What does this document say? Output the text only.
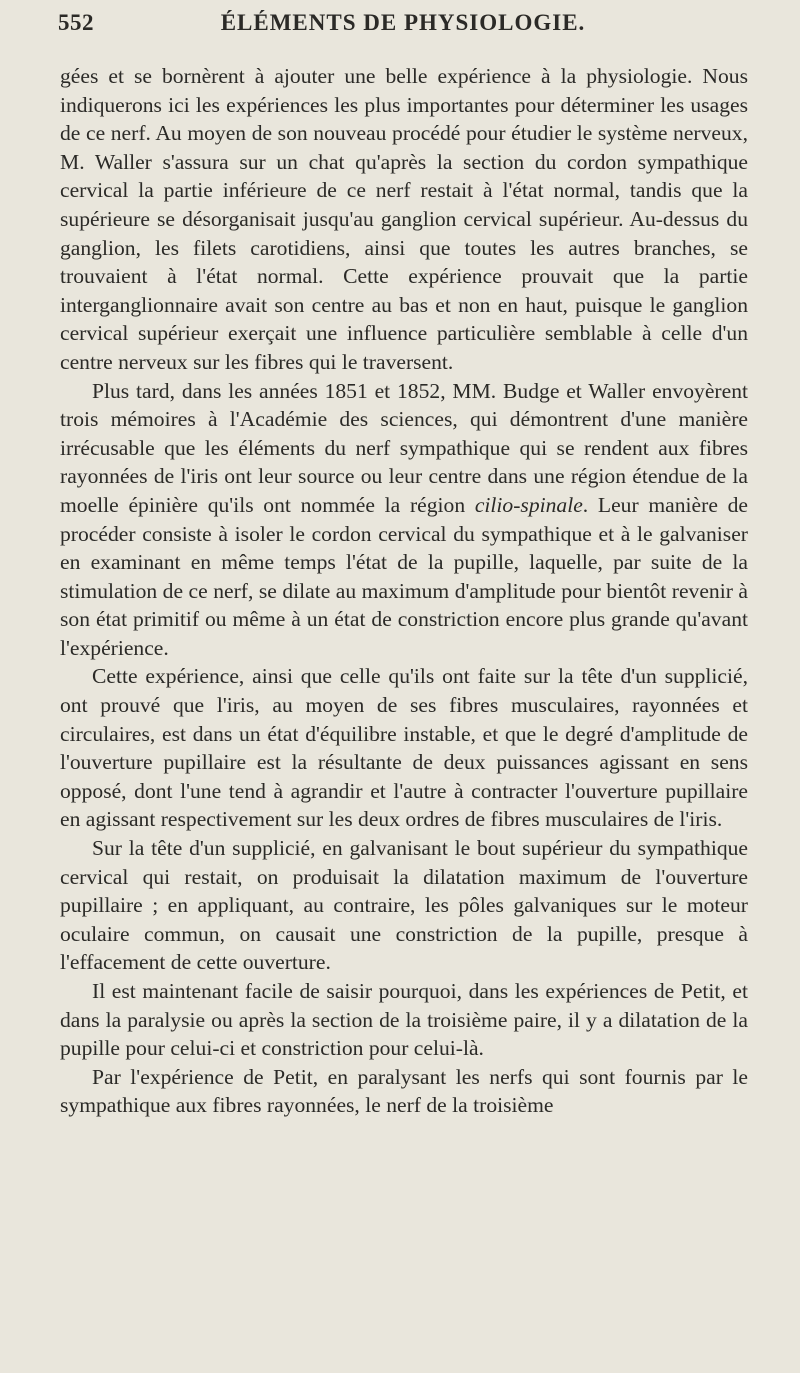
552	ÉLÉMENTS DE PHYSIOLOGIE.

gées et se bornèrent à ajouter une belle expérience à la physiologie. Nous indiquerons ici les expériences les plus importantes pour déterminer les usages de ce nerf. Au moyen de son nouveau procédé pour étudier le système nerveux, M. Waller s'assura sur un chat qu'après la section du cordon sympathique cervical la partie inférieure de ce nerf restait à l'état normal, tandis que la supérieure se désorganisait jusqu'au ganglion cervical supérieur. Au-dessus du ganglion, les filets carotidiens, ainsi que toutes les autres branches, se trouvaient à l'état normal. Cette expérience prouvait que la partie interganglionnaire avait son centre au bas et non en haut, puisque le ganglion cervical supérieur exerçait une influence particulière semblable à celle d'un centre nerveux sur les fibres qui le traversent.

Plus tard, dans les années 1851 et 1852, MM. Budge et Waller envoyèrent trois mémoires à l'Académie des sciences, qui démontrent d'une manière irrécusable que les éléments du nerf sympathique qui se rendent aux fibres rayonnées de l'iris ont leur source ou leur centre dans une région étendue de la moelle épinière qu'ils ont nommée la région cilio-spinale. Leur manière de procéder consiste à isoler le cordon cervical du sympathique et à le galvaniser en examinant en même temps l'état de la pupille, laquelle, par suite de la stimulation de ce nerf, se dilate au maximum d'amplitude pour bientôt revenir à son état primitif ou même à un état de constriction encore plus grande qu'avant l'expérience.

Cette expérience, ainsi que celle qu'ils ont faite sur la tête d'un supplicié, ont prouvé que l'iris, au moyen de ses fibres musculaires, rayonnées et circulaires, est dans un état d'équilibre instable, et que le degré d'amplitude de l'ouverture pupillaire est la résultante de deux puissances agissant en sens opposé, dont l'une tend à agrandir et l'autre à contracter l'ouverture pupillaire en agissant respectivement sur les deux ordres de fibres musculaires de l'iris.

Sur la tête d'un supplicié, en galvanisant le bout supérieur du sympathique cervical qui restait, on produisait la dilatation maximum de l'ouverture pupillaire ; en appliquant, au contraire, les pôles galvaniques sur le moteur oculaire commun, on causait une constriction de la pupille, presque à l'effacement de cette ouverture.

Il est maintenant facile de saisir pourquoi, dans les expériences de Petit, et dans la paralysie ou après la section de la troisième paire, il y a dilatation de la pupille pour celui-ci et constriction pour celui-là.

Par l'expérience de Petit, en paralysant les nerfs qui sont fournis par le sympathique aux fibres rayonnées, le nerf de la troisième
